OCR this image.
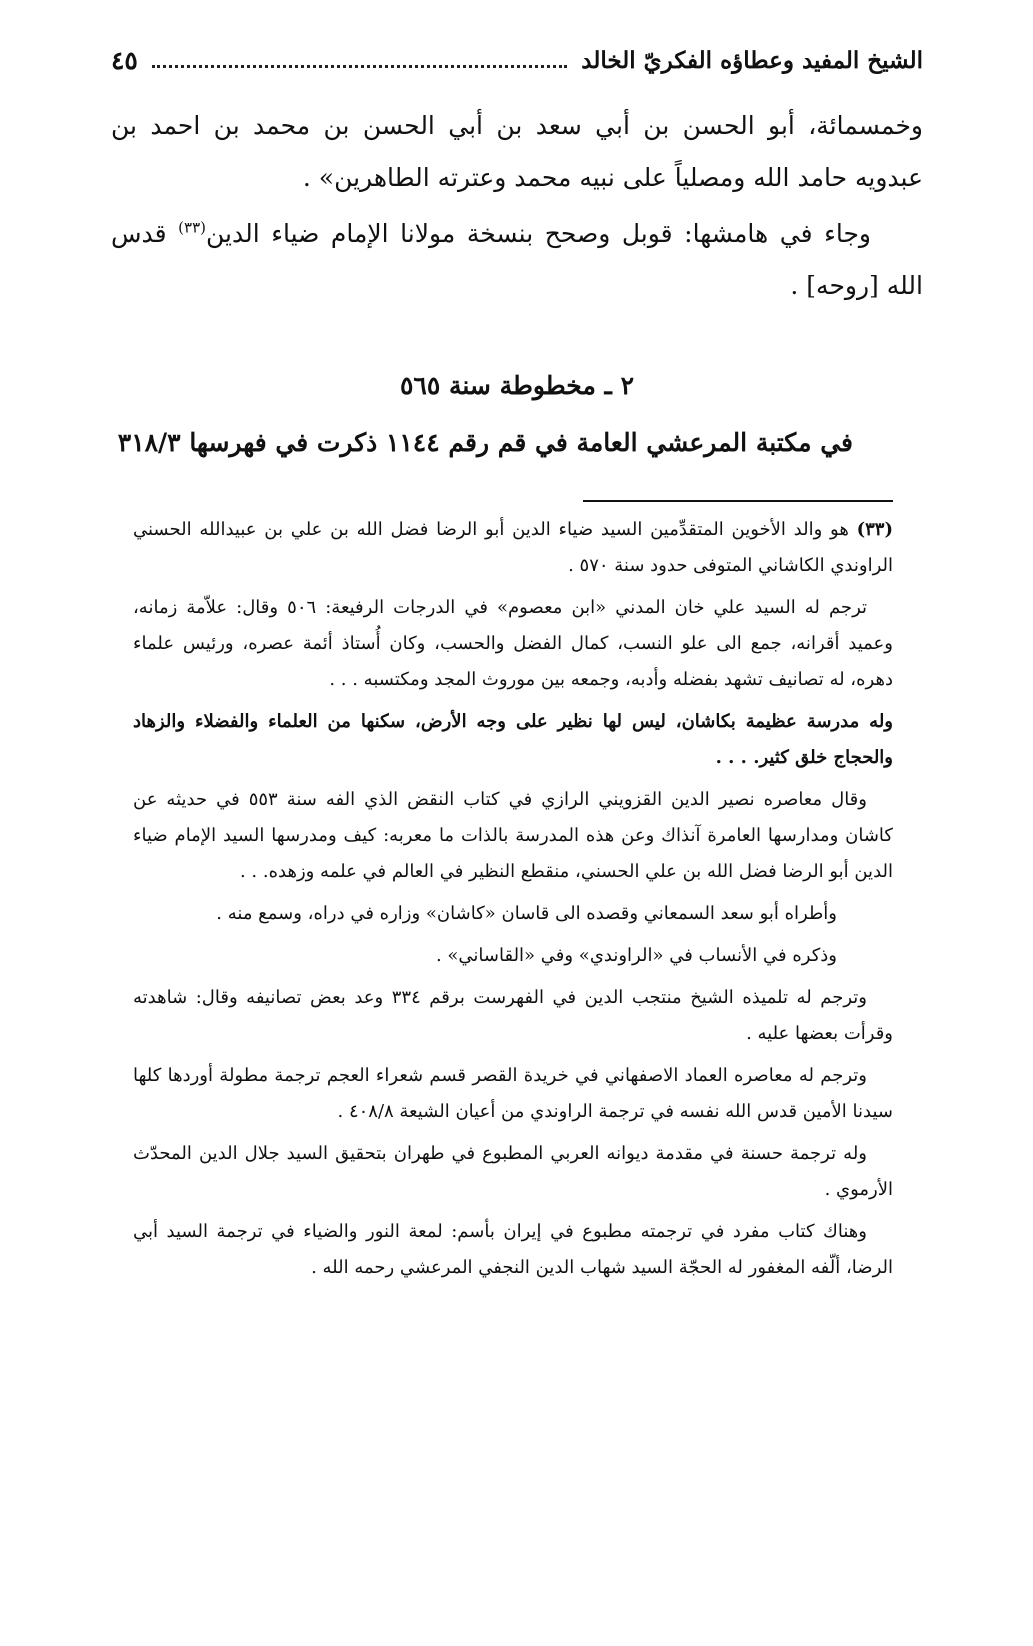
الشيخ المفيد وعطاؤه الفكريّ الخالد
٤٥

وخمسمائة، أبو الحسن بن أبي سعد بن أبي الحسن بن محمد بن احمد بن عبدويه حامد الله ومصلياً على نبيه محمد وعترته الطاهرين» .

وجاء في هامشها: قوبل وصحح بنسخة مولانا الإمام ضياء الدين$^{(٣٣)}$ قدس الله [روحه] .

٢ ـ مخطوطة سنة ٥٦٥
في مكتبة المرعشي العامة في قم رقم ١١٤٤ ذكرت في فهرسها ٣١٨/٣

(٣٣) هو والد الأخوين المتقدِّمين السيد ضياء الدين أبو الرضا فضل الله بن علي بن عبيدالله الحسني الراوندي الكاشاني المتوفى حدود سنة ٥٧٠ .

ترجم له السيد علي خان المدني «ابن معصوم» في الدرجات الرفيعة: ٥٠٦ وقال: علاّمة زمانه، وعميد أقرانه، جمع الى علو النسب، كمال الفضل والحسب، وكان أُستاذ أئمة عصره، ورئيس علماء دهره، له تصانيف تشهد بفضله وأدبه، وجمعه بين موروث المجد ومكتسبه . . .

وله مدرسة عظيمة بكاشان، ليس لها نظير على وجه الأرض، سكنها من العلماء والفضلاء والزهاد والحجاج خلق كثير. . . .

وقال معاصره نصير الدين القزويني الرازي في كتاب النقض الذي الفه سنة ٥٥٣ في حديثه عن كاشان ومدارسها العامرة آنذاك وعن هذه المدرسة بالذات ما معربه: كيف ومدرسها السيد الإمام ضياء الدين أبو الرضا فضل الله بن علي الحسني، منقطع النظير في العالم في علمه وزهده. . .

وأطراه أبو سعد السمعاني وقصده الى قاسان «كاشان» وزاره في دراه، وسمع منه .

وذكره في الأنساب في «الراوندي» وفي «القاساني» .

وترجم له تلميذه الشيخ منتجب الدين في الفهرست برقم ٣٣٤ وعد بعض تصانيفه وقال: شاهدته وقرأت بعضها عليه .

وترجم له معاصره العماد الاصفهاني في خريدة القصر قسم شعراء العجم ترجمة مطولة أوردها كلها سيدنا الأمين قدس الله نفسه في ترجمة الراوندي من أعيان الشيعة ٤٠٨/٨ .

وله ترجمة حسنة في مقدمة ديوانه العربي المطبوع في طهران بتحقيق السيد جلال الدين المحدّث الأرموي .

وهناك كتاب مفرد في ترجمته مطبوع في إيران بأسم: لمعة النور والضياء في ترجمة السيد أبي الرضا، ألّفه المغفور له الحجّة السيد شهاب الدين النجفي المرعشي رحمه الله .
